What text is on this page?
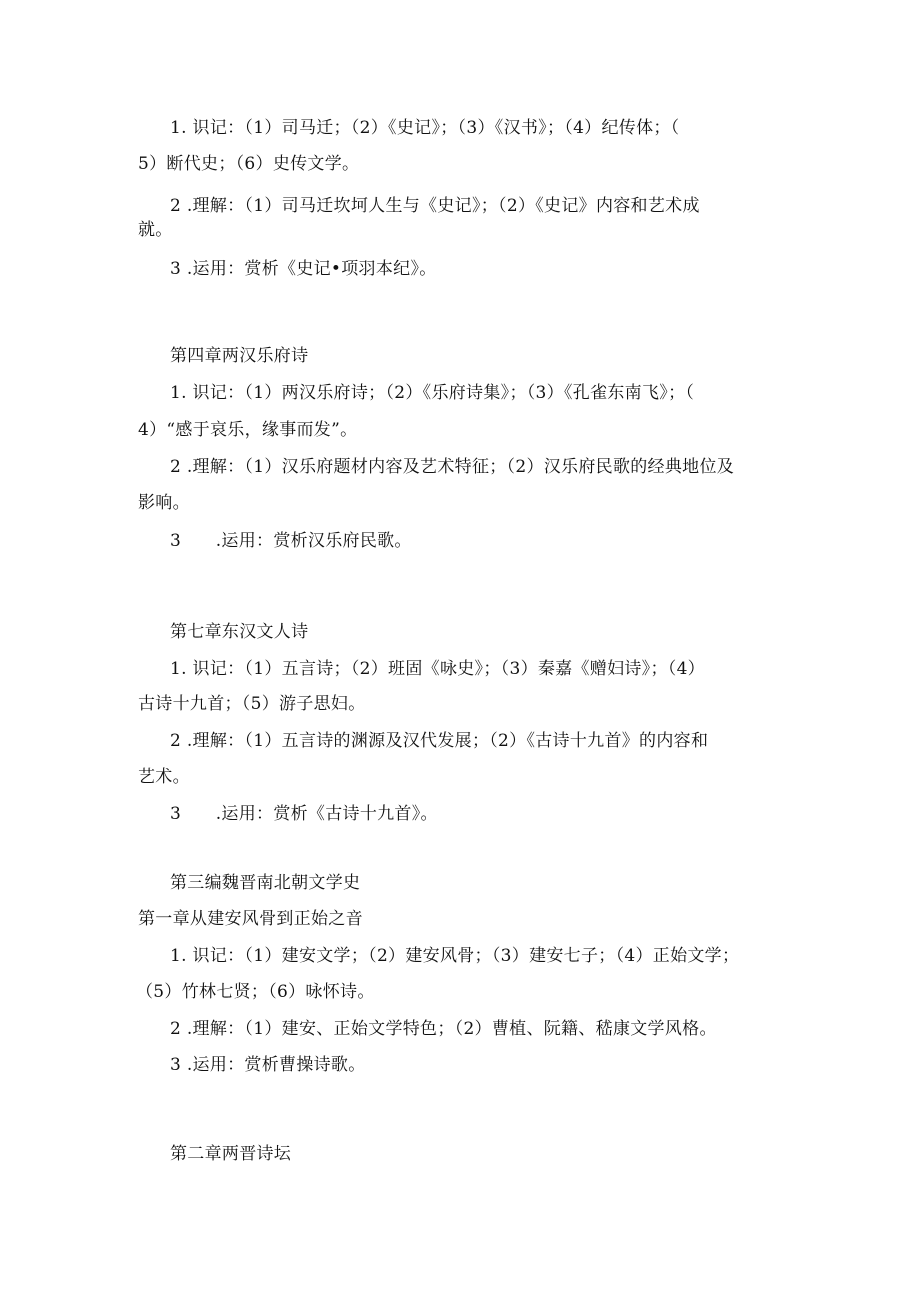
1. 识记：（1）司马迁；（2）《史记》；（3）《汉书》；（4）纪传体；（
5）断代史；（6）史传文学。
2 .理解：（1）司马迁坎坷人生与《史记》；（2）《史记》内容和艺术成
就。
3 .运用：赏析《史记•项羽本纪》。
第四章两汉乐府诗
1. 识记：（1）两汉乐府诗；（2）《乐府诗集》；（3）《孔雀东南飞》；（
4）“感于哀乐，缘事而发”。
2 .理解：（1）汉乐府题材内容及艺术特征；（2）汉乐府民歌的经典地位及
影响。
3　　.运用：赏析汉乐府民歌。
第七章东汉文人诗
1. 识记：（1）五言诗；（2）班固《咏史》；（3）秦嘉《赠妇诗》；（4）
古诗十九首；（5）游子思妇。
2 .理解：（1）五言诗的渊源及汉代发展；（2）《古诗十九首》的内容和
艺术。
3　　.运用：赏析《古诗十九首》。
第三编魏晋南北朝文学史
第一章从建安风骨到正始之音
1. 识记：（1）建安文学；（2）建安风骨；（3）建安七子；（4）正始文学；
（5）竹林七贤；（6）咏怀诗。
2 .理解：（1）建安、正始文学特色；（2）曹植、阮籍、嵇康文学风格。
3 .运用：赏析曹操诗歌。
第二章两晋诗坛
